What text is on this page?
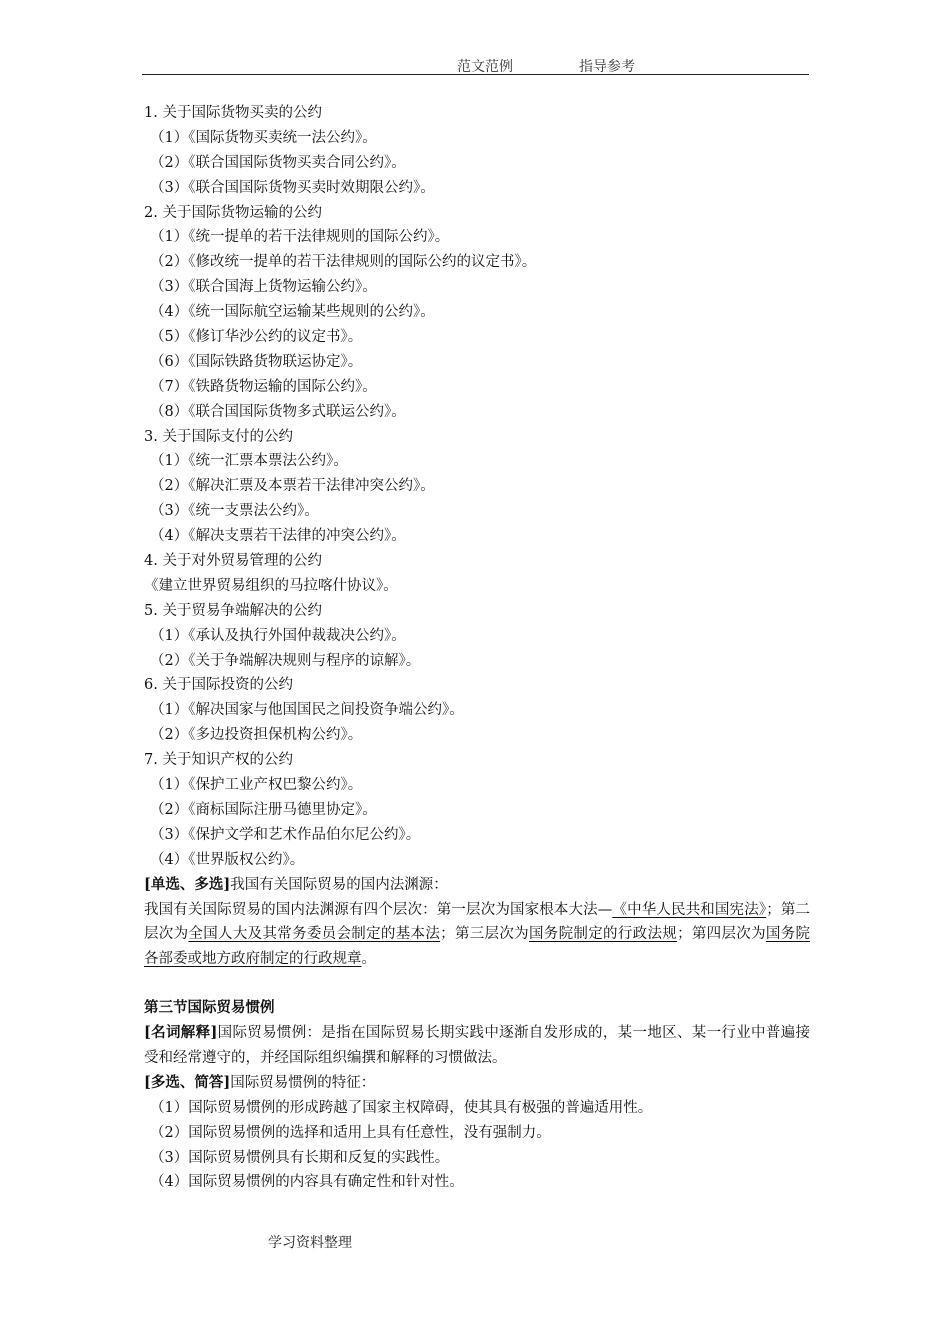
范文范例	指导参考
1. 关于国际货物买卖的公约
（1）《国际货物买卖统一法公约》。
（2）《联合国国际货物买卖合同公约》。
（3）《联合国国际货物买卖时效期限公约》。
2. 关于国际货物运输的公约
（1）《统一提单的若干法律规则的国际公约》。
（2）《修改统一提单的若干法律规则的国际公约的议定书》。
（3）《联合国海上货物运输公约》。
（4）《统一国际航空运输某些规则的公约》。
（5）《修订华沙公约的议定书》。
（6）《国际铁路货物联运协定》。
（7）《铁路货物运输的国际公约》。
（8）《联合国国际货物多式联运公约》。
3. 关于国际支付的公约
（1）《统一汇票本票法公约》。
（2）《解决汇票及本票若干法律冲突公约》。
（3）《统一支票法公约》。
（4）《解决支票若干法律的冲突公约》。
4. 关于对外贸易管理的公约
《建立世界贸易组织的马拉喀什协议》。
5. 关于贸易争端解决的公约
（1）《承认及执行外国仲裁裁决公约》。
（2）《关于争端解决规则与程序的谅解》。
6. 关于国际投资的公约
（1）《解决国家与他国国民之间投资争端公约》。
（2）《多边投资担保机构公约》。
7. 关于知识产权的公约
（1）《保护工业产权巴黎公约》。
（2）《商标国际注册马德里协定》。
（3）《保护文学和艺术作品伯尔尼公约》。
（4）《世界版权公约》。
[单选、多选]我国有关国际贸易的国内法渊源：
我国有关国际贸易的国内法渊源有四个层次：第一层次为国家根本大法—《中华人民共和国宪法》；第二层次为全国人大及其常务委员会制定的基本法；第三层次为国务院制定的行政法规；第四层次为国务院各部委或地方政府制定的行政规章。
第三节国际贸易惯例
[名词解释]国际贸易惯例：是指在国际贸易长期实践中逐渐自发形成的，某一地区、某一行业中普遍接受和经常遵守的，并经国际组织编撰和解释的习惯做法。
[多选、简答]国际贸易惯例的特征：
（1）国际贸易惯例的形成跨越了国家主权障碍，使其具有极强的普遍适用性。
（2）国际贸易惯例的选择和适用上具有任意性，没有强制力。
（3）国际贸易惯例具有长期和反复的实践性。
（4）国际贸易惯例的内容具有确定性和针对性。
学习资料整理
